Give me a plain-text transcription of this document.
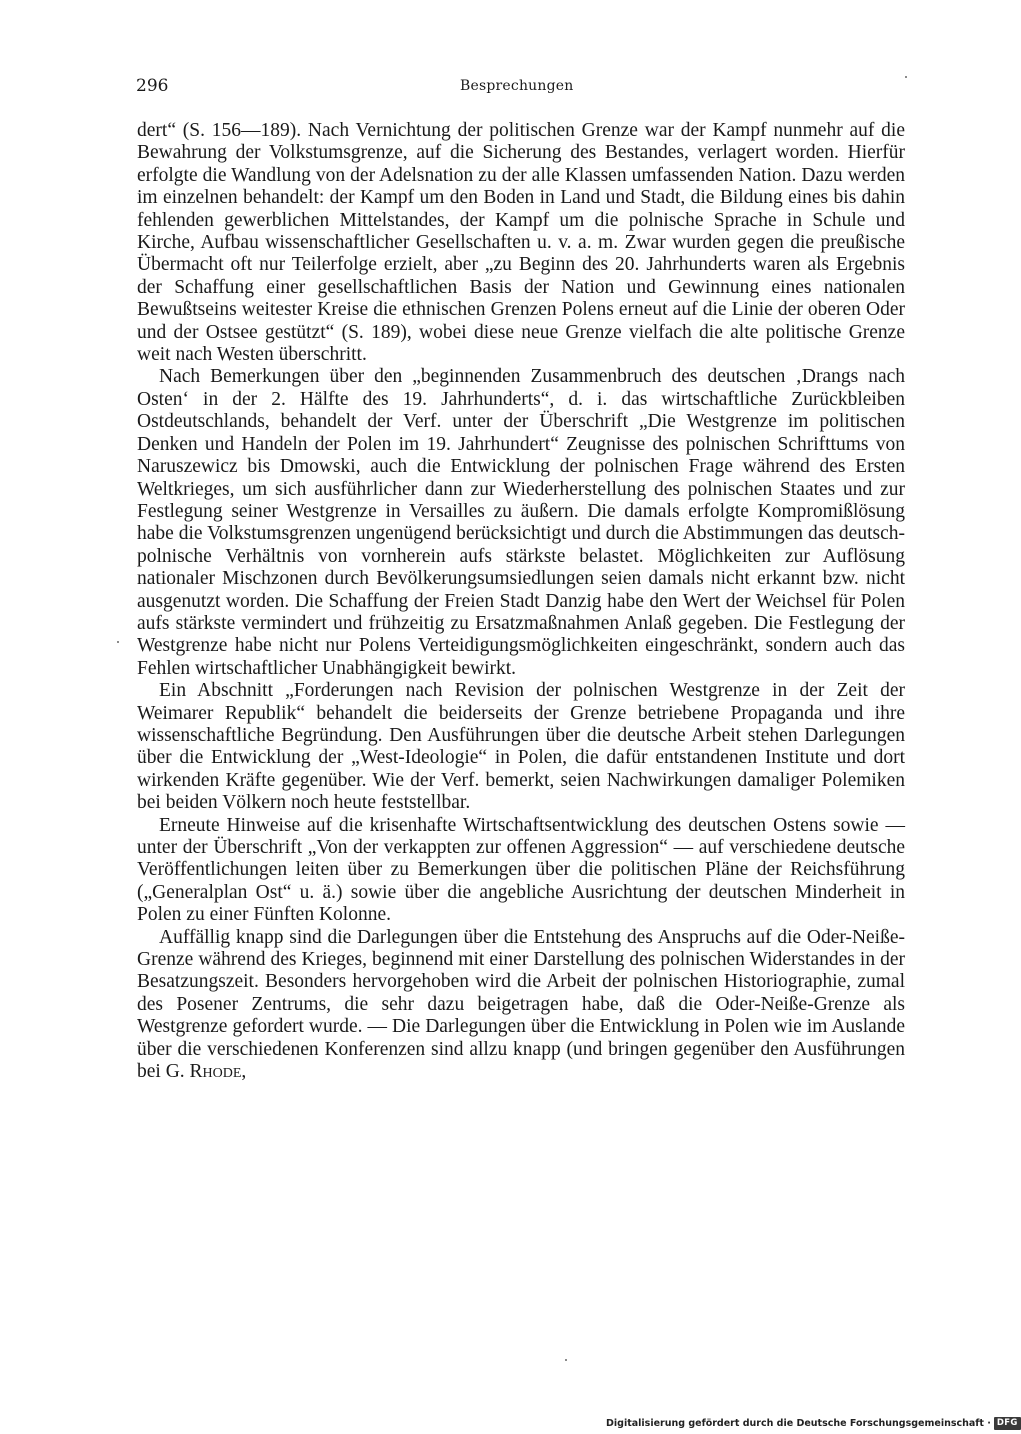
296	Besprechungen

dert“ (S. 156—189). Nach Vernichtung der politischen Grenze war der Kampf nunmehr auf die Bewahrung der Volkstumsgrenze, auf die Sicherung des Bestandes, verlagert worden. Hierfür erfolgte die Wandlung von der Adelsnation zu der alle Klassen umfassenden Nation. Dazu werden im einzelnen behandelt: der Kampf um den Boden in Land und Stadt, die Bildung eines bis dahin fehlenden gewerblichen Mittelstandes, der Kampf um die polnische Sprache in Schule und Kirche, Aufbau wissenschaftlicher Gesellschaften u. v. a. m. Zwar wurden gegen die preußische Übermacht oft nur Teilerfolge erzielt, aber „zu Beginn des 20. Jahrhunderts waren als Ergebnis der Schaffung einer gesellschaftlichen Basis der Nation und Gewinnung eines nationalen Bewußtseins weitester Kreise die ethnischen Grenzen Polens erneut auf die Linie der oberen Oder und der Ostsee gestützt“ (S. 189), wobei diese neue Grenze vielfach die alte politische Grenze weit nach Westen überschritt.

Nach Bemerkungen über den „beginnenden Zusammenbruch des deutschen ‚Drangs nach Osten‘ in der 2. Hälfte des 19. Jahrhunderts“, d. i. das wirtschaftliche Zurückbleiben Ostdeutschlands, behandelt der Verf. unter der Überschrift „Die Westgrenze im politischen Denken und Handeln der Polen im 19. Jahrhundert“ Zeugnisse des polnischen Schrifttums von Naruszewicz bis Dmowski, auch die Entwicklung der polnischen Frage während des Ersten Weltkrieges, um sich ausführlicher dann zur Wiederherstellung des polnischen Staates und zur Festlegung seiner Westgrenze in Versailles zu äußern. Die damals erfolgte Kompromißlösung habe die Volkstumsgrenzen ungenügend berücksichtigt und durch die Abstimmungen das deutsch-polnische Verhältnis von vornherein aufs stärkste belastet. Möglichkeiten zur Auflösung nationaler Mischzonen durch Bevölkerungsumsiedlungen seien damals nicht erkannt bzw. nicht ausgenutzt worden. Die Schaffung der Freien Stadt Danzig habe den Wert der Weichsel für Polen aufs stärkste vermindert und frühzeitig zu Ersatzmaßnahmen Anlaß gegeben. Die Festlegung der Westgrenze habe nicht nur Polens Verteidigungsmöglichkeiten eingeschränkt, sondern auch das Fehlen wirtschaftlicher Unabhängigkeit bewirkt.

Ein Abschnitt „Forderungen nach Revision der polnischen Westgrenze in der Zeit der Weimarer Republik“ behandelt die beiderseits der Grenze betriebene Propaganda und ihre wissenschaftliche Begründung. Den Ausführungen über die deutsche Arbeit stehen Darlegungen über die Entwicklung der „West-Ideologie“ in Polen, die dafür entstandenen Institute und dort wirkenden Kräfte gegenüber. Wie der Verf. bemerkt, seien Nachwirkungen damaliger Polemiken bei beiden Völkern noch heute feststellbar.

Erneute Hinweise auf die krisenhafte Wirtschaftsentwicklung des deutschen Ostens sowie — unter der Überschrift „Von der verkappten zur offenen Aggression“ — auf verschiedene deutsche Veröffentlichungen leiten über zu Bemerkungen über die politischen Pläne der Reichsführung („Generalplan Ost“ u. ä.) sowie über die angebliche Ausrichtung der deutschen Minderheit in Polen zu einer Fünften Kolonne.

Auffällig knapp sind die Darlegungen über die Entstehung des Anspruchs auf die Oder-Neiße-Grenze während des Krieges, beginnend mit einer Darstellung des polnischen Widerstandes in der Besatzungszeit. Besonders hervorgehoben wird die Arbeit der polnischen Historiographie, zumal des Posener Zentrums, die sehr dazu beigetragen habe, daß die Oder-Neiße-Grenze als Westgrenze gefordert wurde. — Die Darlegungen über die Entwicklung in Polen wie im Auslande über die verschiedenen Konferenzen sind allzu knapp (und bringen gegenüber den Ausführungen bei G. Rhode,

Digitalisierung gefördert durch die Deutsche Forschungsgemeinschaft · DFG
